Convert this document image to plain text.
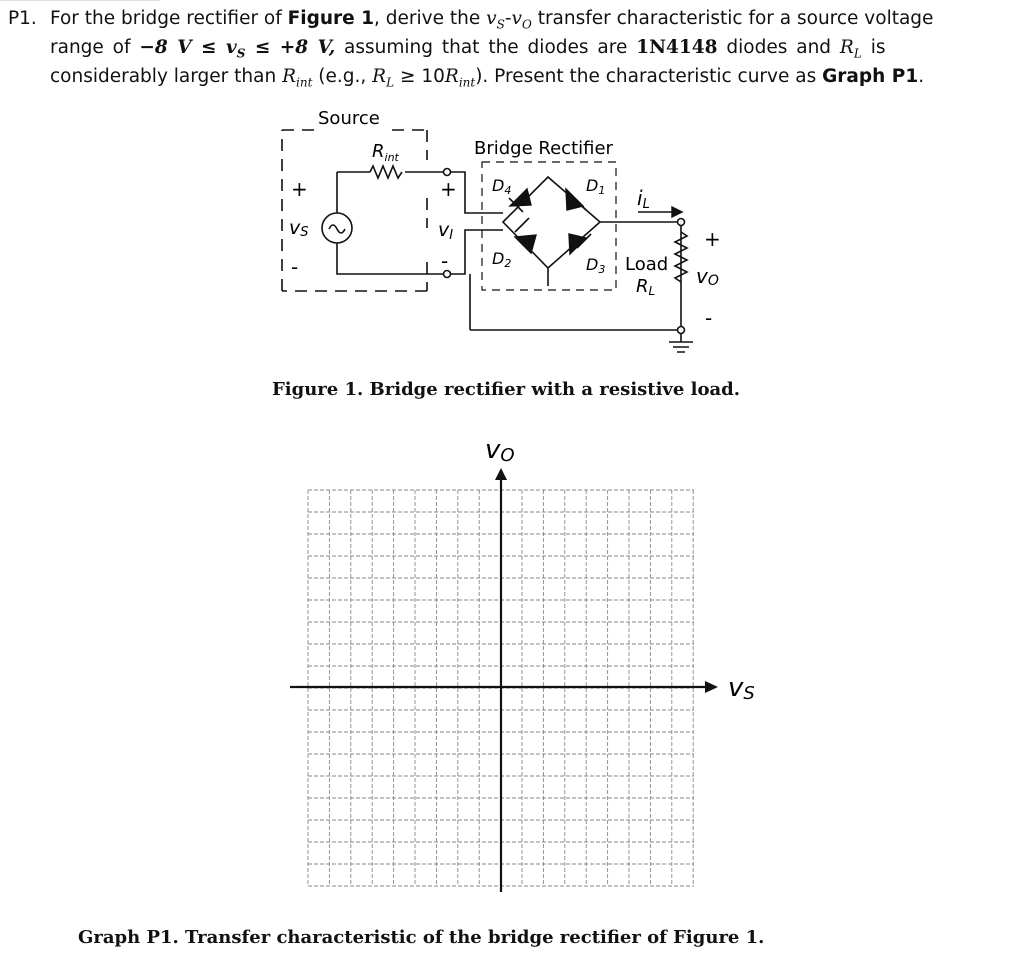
P1. For the bridge rectifier of Figure 1, derive the $v_S-v_O$ transfer characteristic for a source voltage
range of −8 $V \le v_S \le +8$ V, assuming that the diodes are 1N4148 diodes and $R_L$ is
considerably larger than $R_{int}$ (e.g., $R_L \ge 10R_{int}$). Present the characteristic curve as Graph P1.
Source
Bridge Rectifier
$R_{int}$
+
-
vS
+
vI
-
D4	D1
D2	D3
iL
+
-
Load
RL
vO
Figure 1. Bridge rectifier with a resistive load.
vO
vS
Graph P1. Transfer characteristic of the bridge rectifier of Figure 1.
